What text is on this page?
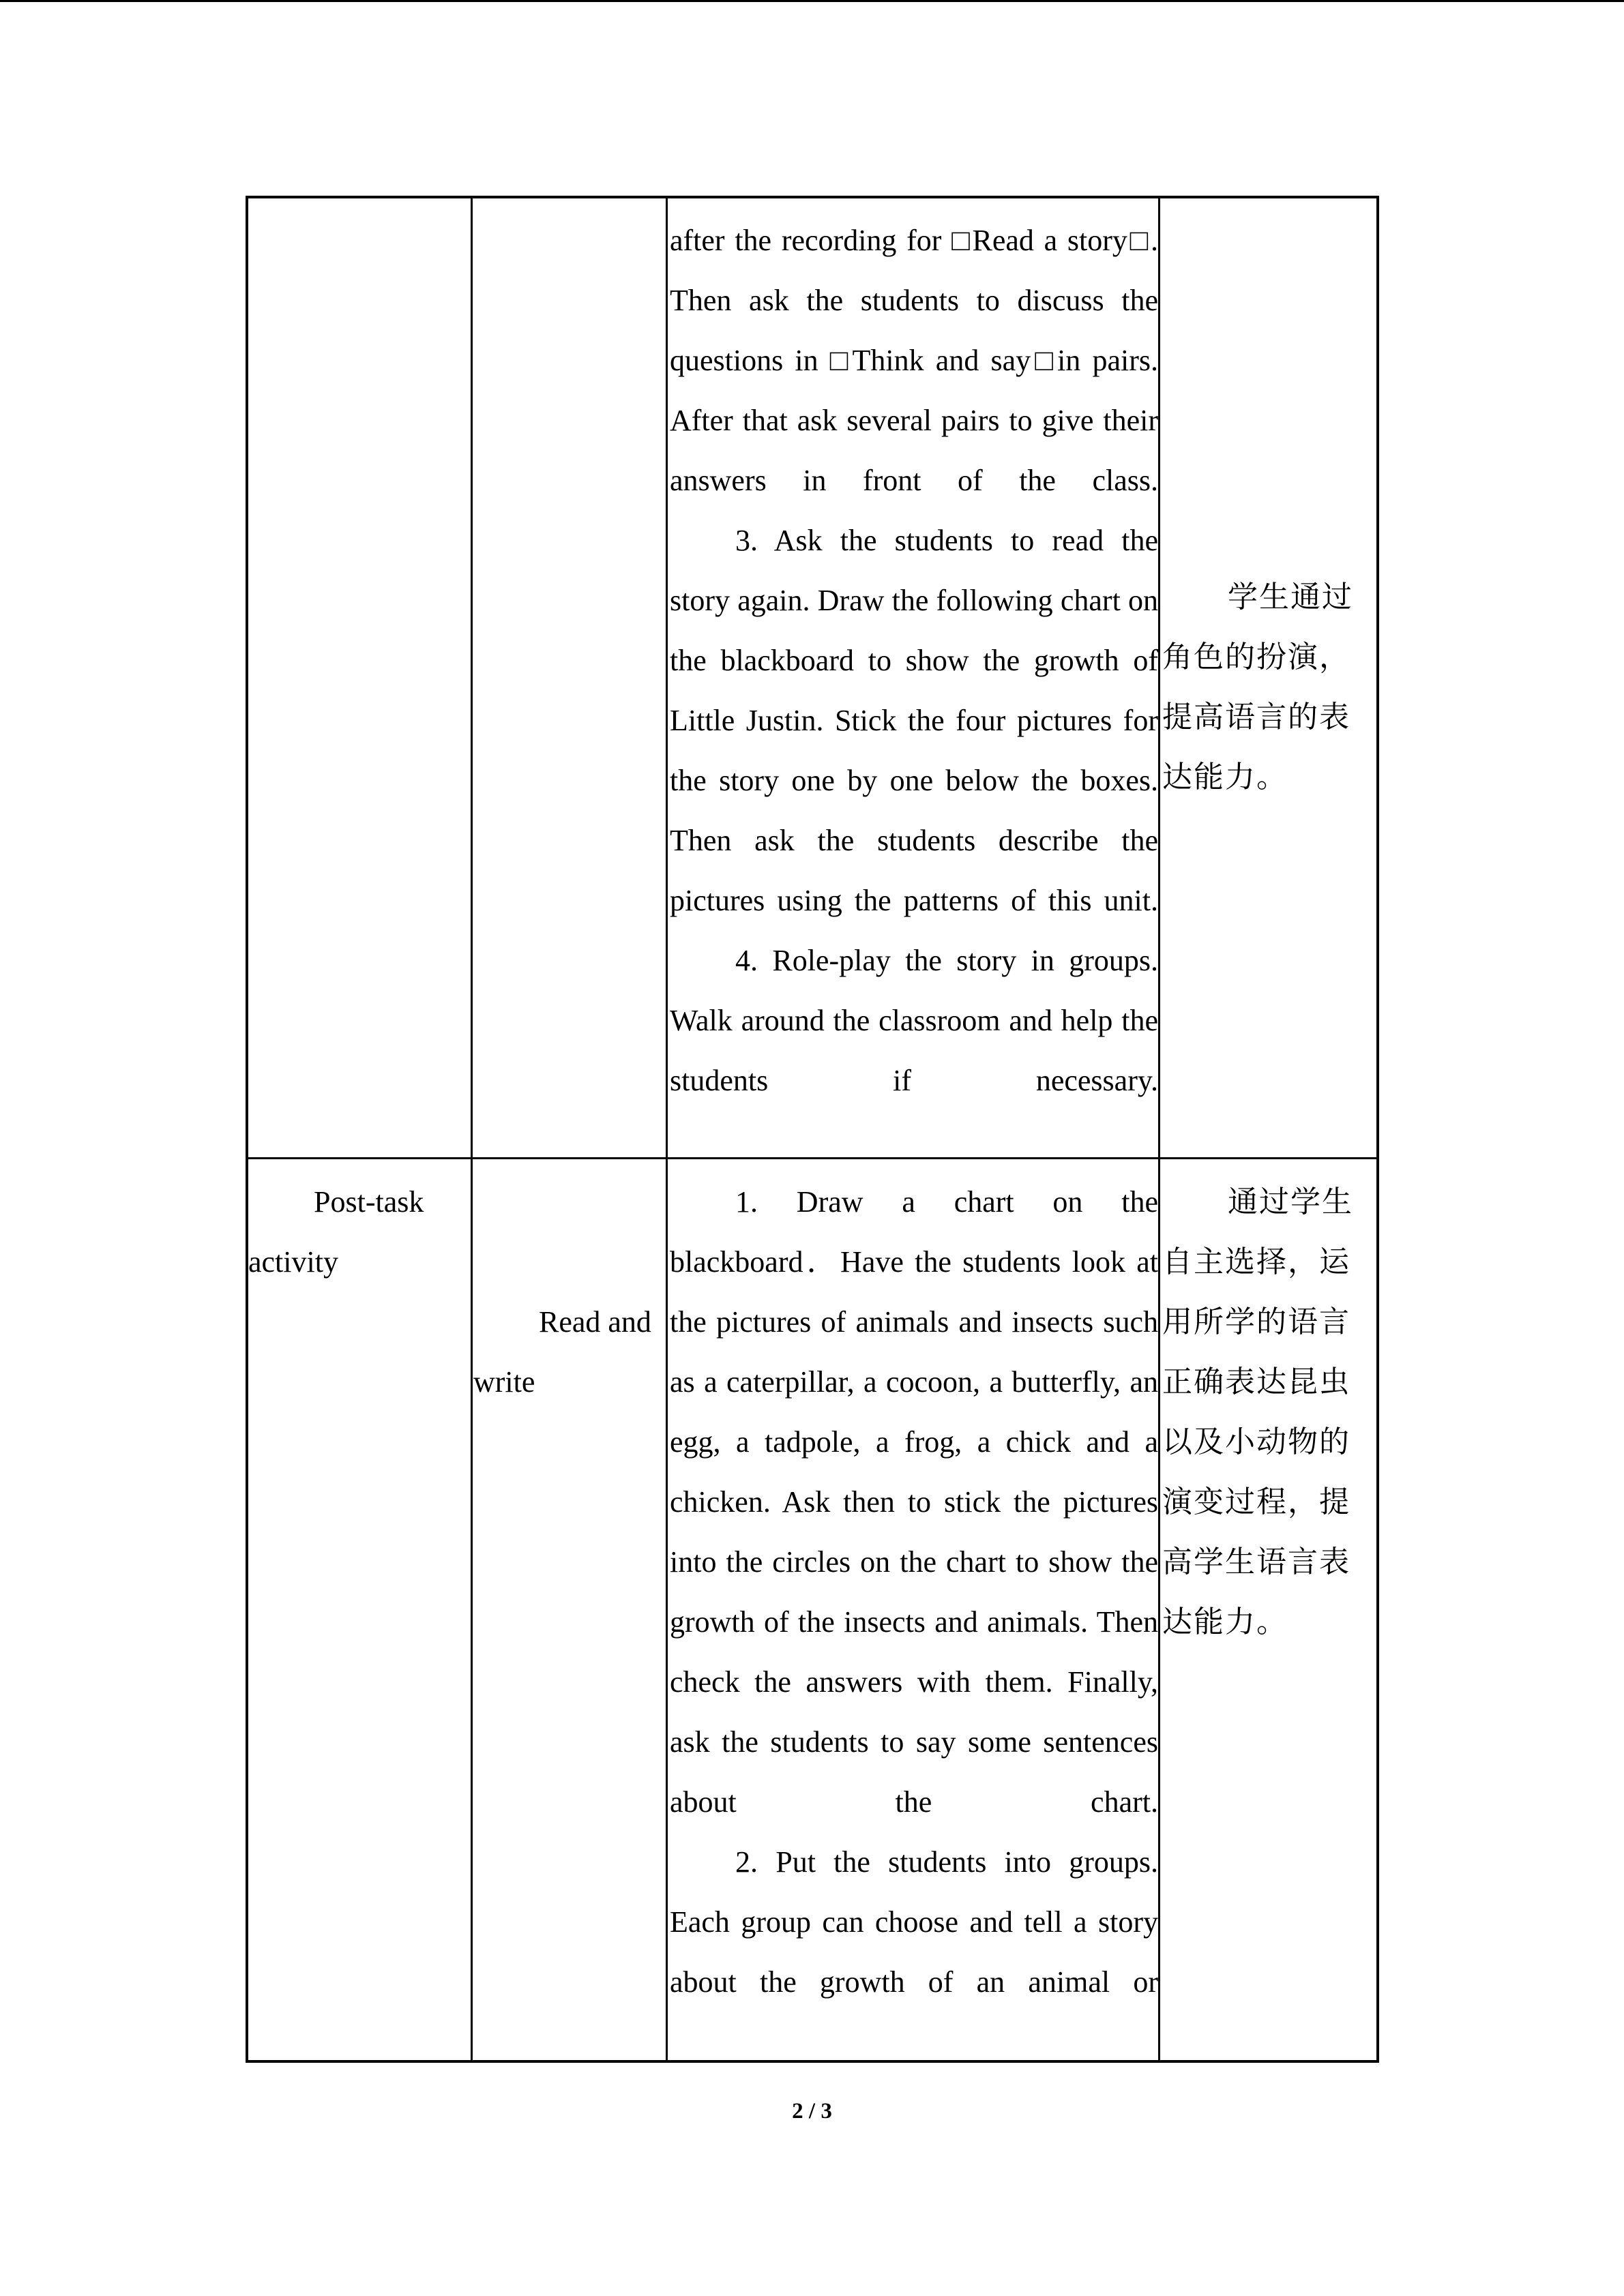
after the recording for □Read a story□. Then ask the students to discuss the questions in □Think and say□in pairs. After that ask several pairs to give their answers in front of the class.

3. Ask the students to read the story again. Draw the following chart on the blackboard to show the growth of Little Justin. Stick the four pictures for the story one by one below the boxes. Then ask the students describe the pictures using the patterns of this unit.

4. Role-play the story in groups. Walk around the classroom and help the students if necessary.

学生通过角色的扮演，提高语言的表达能力。
Post-task activity
Read and write

1. Draw a chart on the blackboard．Have the students look at the pictures of animals and insects such as a caterpillar, a cocoon, a butterfly, an egg, a tadpole, a frog, a chick and a chicken. Ask then to stick the pictures into the circles on the chart to show the growth of the insects and animals. Then check the answers with them. Finally, ask the students to say some sentences about the chart.

2. Put the students into groups. Each group can choose and tell a story about the growth of an animal or

通过学生自主选择，运用所学的语言正确表达昆虫以及小动物的演变过程，提高学生语言表达能力。
2 / 3
